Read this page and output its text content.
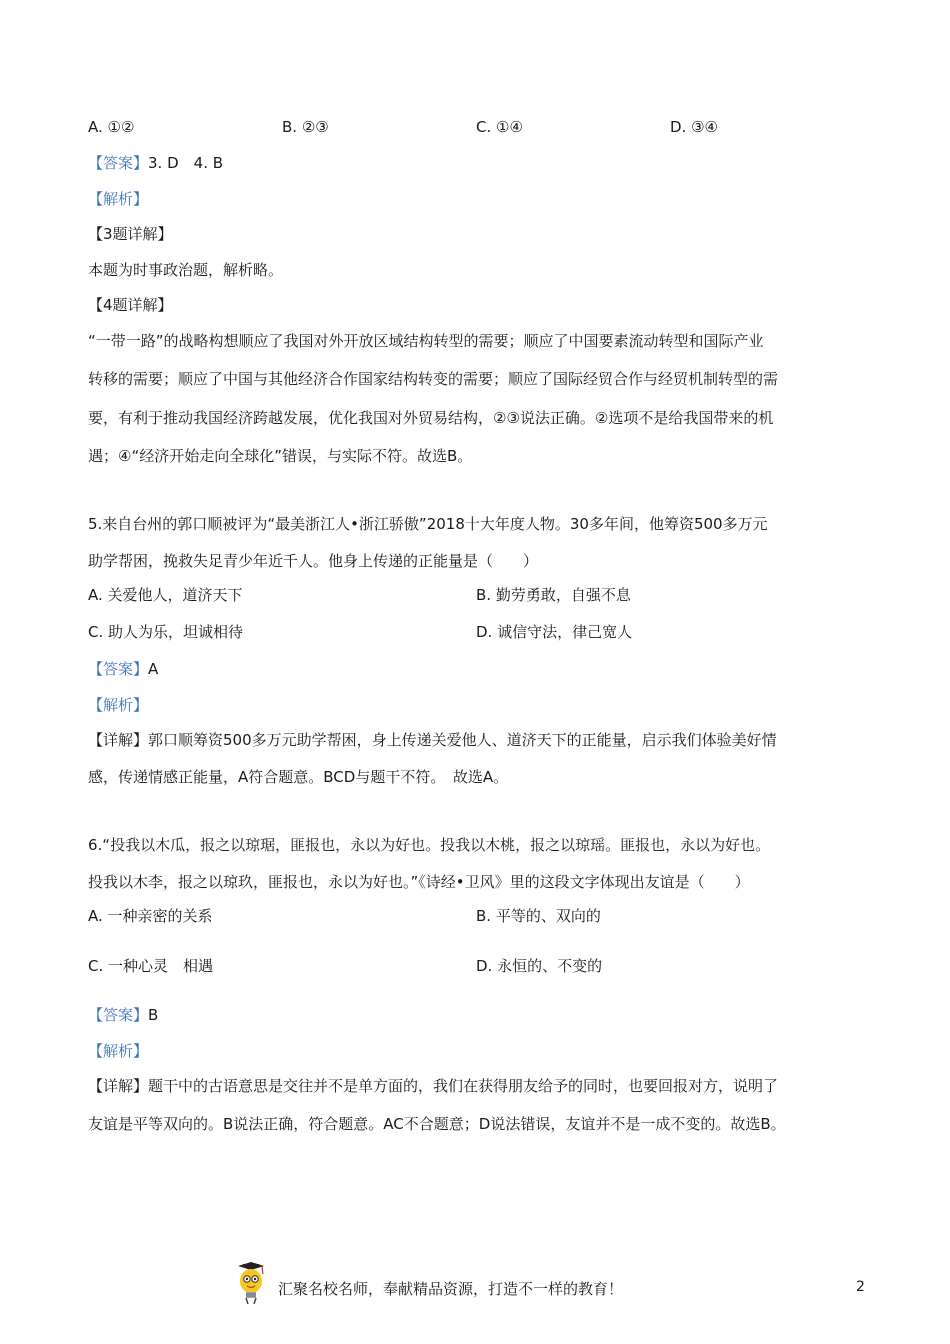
A. ①②	B. ②③	C. ①④	D. ③④
【答案】3. D　4. B
【解析】
【3题详解】
本题为时事政治题，解析略。
【4题详解】
“一带一路”的战略构想顺应了我国对外开放区域结构转型的需要；顺应了中国要素流动转型和国际产业
转移的需要；顺应了中国与其他经济合作国家结构转变的需要；顺应了国际经贸合作与经贸机制转型的需
要，有利于推动我国经济跨越发展，优化我国对外贸易结构，②③说法正确。②选项不是给我国带来的机
遇；④“经济开始走向全球化”错误，与实际不符。故选B。
5.来自台州的郭口顺被评为“最美浙江人•浙江骄傲”2018十大年度人物。30多年间，他筹资500多万元
助学帮困，挽救失足青少年近千人。他身上传递的正能量是（　　）
A. 关爱他人，道济天下	B. 勤劳勇敢，自强不息
C. 助人为乐，坦诚相待	D. 诚信守法，律己宽人
【答案】A
【解析】
【详解】郭口顺筹资500多万元助学帮困，身上传递关爱他人、道济天下的正能量，启示我们体验美好情
感，传递情感正能量，A符合题意。BCD与题干不符。　故选A。
6.“投我以木瓜，报之以琼琚，匪报也，永以为好也。投我以木桃，报之以琼瑶。匪报也，永以为好也。
投我以木李，报之以琼玖，匪报也，永以为好也。”《诗经•卫风》里的这段文字体现出友谊是（　　）
A. 一种亲密的关系	B. 平等的、双向的
C. 一种心灵　相遇	D. 永恒的、不变的
【答案】B
【解析】
【详解】题干中的古语意思是交往并不是单方面的，我们在获得朋友给予的同时，也要回报对方，说明了
友谊是平等双向的。B说法正确，符合题意。AC不合题意；D说法错误，友谊并不是一成不变的。故选B。
汇聚名校名师，奉献精品资源，打造不一样的教育！	2
